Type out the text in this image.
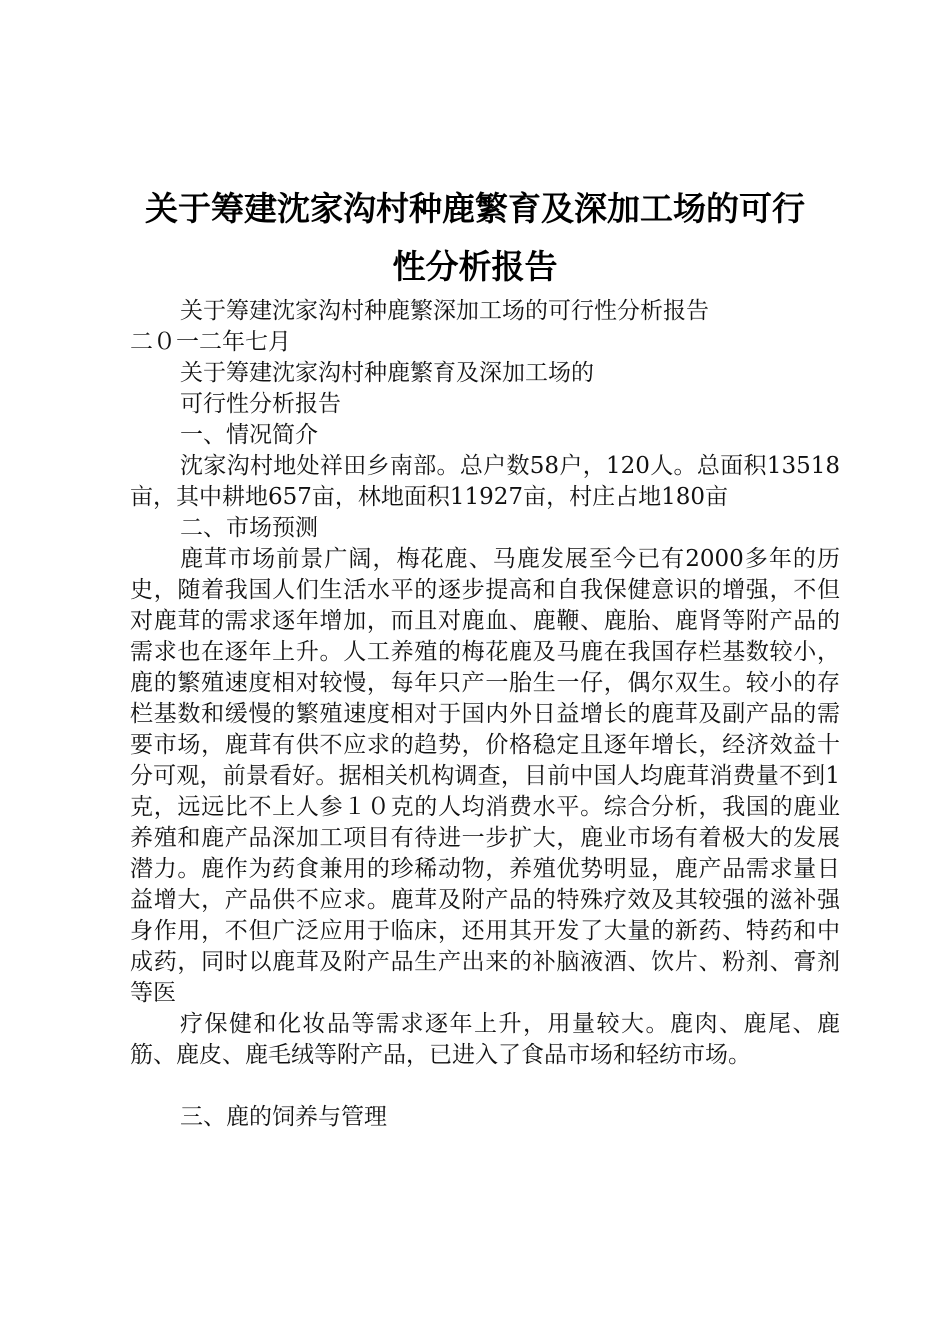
关于筹建沈家沟村种鹿繁育及深加工场的可行
性分析报告

关于筹建沈家沟村种鹿繁深加工场的可行性分析报告

二０一二年七月

关于筹建沈家沟村种鹿繁育及深加工场的

可行性分析报告

一、情况简介

沈家沟村地处祥田乡南部。总户数58户，120人。总面积13518亩，其中耕地657亩，林地面积11927亩，村庄占地180亩

二、市场预测

鹿茸市场前景广阔，梅花鹿、马鹿发展至今已有2000多年的历史，随着我国人们生活水平的逐步提高和自我保健意识的增强，不但对鹿茸的需求逐年增加，而且对鹿血、鹿鞭、鹿胎、鹿肾等附产品的需求也在逐年上升。人工养殖的梅花鹿及马鹿在我国存栏基数较小，鹿的繁殖速度相对较慢，每年只产一胎生一仔，偶尔双生。较小的存栏基数和缓慢的繁殖速度相对于国内外日益增长的鹿茸及副产品的需要市场，鹿茸有供不应求的趋势，价格稳定且逐年增长，经济效益十分可观，前景看好。据相关机构调查，目前中国人均鹿茸消费量不到1克，远远比不上人参１０克的人均消费水平。综合分析，我国的鹿业养殖和鹿产品深加工项目有待进一步扩大，鹿业市场有着极大的发展潜力。鹿作为药食兼用的珍稀动物，养殖优势明显，鹿产品需求量日益增大，产品供不应求。鹿茸及附产品的特殊疗效及其较强的滋补强身作用，不但广泛应用于临床，还用其开发了大量的新药、特药和中成药，同时以鹿茸及附产品生产出来的补脑液酒、饮片、粉剂、膏剂等医

疗保健和化妆品等需求逐年上升，用量较大。鹿肉、鹿尾、鹿筋、鹿皮、鹿毛绒等附产品，已进入了食品市场和轻纺市场。

三、鹿的饲养与管理
